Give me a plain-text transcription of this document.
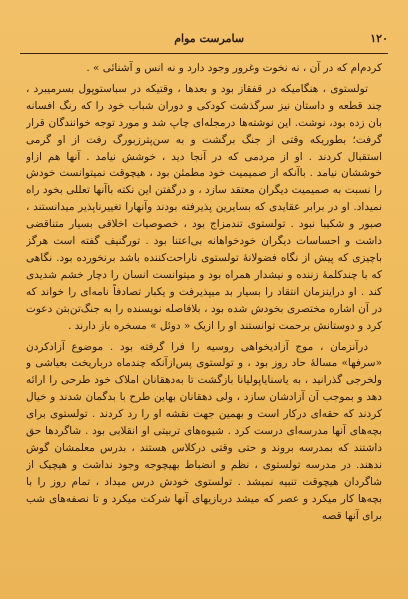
١٢٠
سامرست موام

کردم‌ام که در آن ، نه نخوت وغرور وجود دارد و نه انس و آشنائی » .

تولستوی ، هنگامیکه در قفقاز بود و بعدها ، وقتیکه در سباستوپول بسرمیبرد ، چند قطعه و داستان نیز سرگذشت کودکی و دوران شباب خود را که رنگ افسانه بان زده بود، نوشت. این نوشته‌ها درمجله‌ای چاپ شد و مورد توجه خوانندگان قرار گرفت؛ بطوریکه وقتی از جنگ برگشت و به سن‌پترزبورگ رفت از او گرمی استقبال کردند . او از مردمی که در آنجا دید ، خوشش نیامد . آنها هم ازاو خوششان نیامد . باآنکه از صمیمیت خود مطمئن بود ، هیچوقت نمیتوانست خودش را نسبت به صمیمیت دیگران معتقد سازد ، و درگفتن این نکته باآنها تعللی بخود راه نمیداد. او در برابر عقایدی که بسایرین پذیرفته بودند وآنهارا تغییرناپذیر میدانستند ، صبور و شکیبا نبود . تولستوی تندمزاج بود ، خصوصیات اخلاقی بسیار متناقضی داشت و احساسات دیگران خودخواهانه بی‌اعتنا بود . تورگنیف گفته است هرگز باچیزی که پیش از نگاه فضولانهٔ تولستوی ناراحت‌کننده باشد برنخورده بود. نگاهی که با چندکلمهٔ زننده و نیشدار همراه بود و میتوانست انسان را دچار خشم شدیدی کند . او دراینزمان انتقاد را بسیار بد میپذیرفت و یکبار تصادفاً نامه‌ای را خواند که در آن اشاره مختصری بخودش شده بود ، بلافاصله نویسنده را به جنگ‌تن‌بتن دعوت کرد و دوستانش برحمت توانستند او را ازیک « دوئل » مسخره باز دارند .

درآنزمان ، موج آزادیخواهی روسیه را فرا گرفته بود . موضوع آزادکردن «سرفها» مسالهٔ حاد روز بود ، و تولستوی پس‌ازآنکه چندماه درباریخت بعیاشی و ولخرجی گذرانید ، به یاسنایاپولیانا بازگشت تا به‌دهقانان املاک خود طرحی را ارائه دهد و بموجب آن آزادشان سازد ، ولی دهقانان بهاین طرح با بدگمان شدند و خیال کردند که حقه‌ای درکار است و بهمین جهت نقشه او را رد کردند . تولستوی برای بچه‌های آنها مدرسه‌ای درست کرد . شیوه‌های تربیتی او انقلابی بود . شاگردها حق داشتند که بمدرسه بروند و حتی وقتی درکلاس هستند ، بدرس معلمشان گوش ندهند. در مدرسه تولستوی ، نظم و انضباط بهیچوجه وجود نداشت و هیچیک از شاگردان هیچوقت تنبیه نمیشد . تولستوی خودش درس میداد ، تمام روز را با بچه‌ها کار میکرد و عصر که میشد دربازیهای آنها شرکت میکرد و تا نصفه‌های شب برای آنها قصه
